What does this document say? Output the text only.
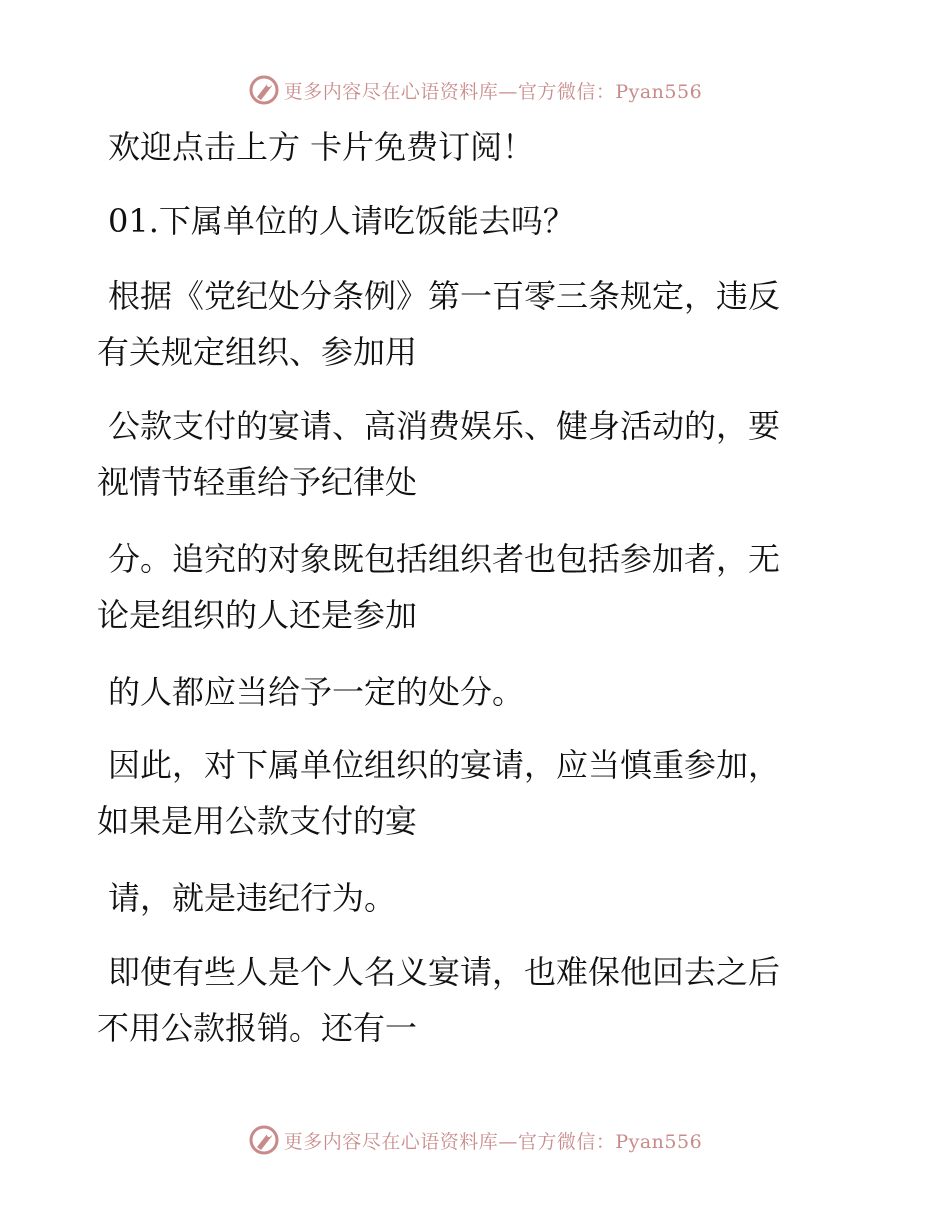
更多内容尽在心语资料库—官方微信：Pyan556
欢迎点击上方 卡片免费订阅！
01.下属单位的人请吃饭能去吗？
根据《党纪处分条例》第一百零三条规定，违反
有关规定组织、参加用
公款支付的宴请、高消费娱乐、健身活动的，要
视情节轻重给予纪律处
分。追究的对象既包括组织者也包括参加者，无
论是组织的人还是参加
的人都应当给予一定的处分。
因此，对下属单位组织的宴请，应当慎重参加，
如果是用公款支付的宴
请，就是违纪行为。
即使有些人是个人名义宴请，也难保他回去之后
不用公款报销。还有一
更多内容尽在心语资料库—官方微信：Pyan556
